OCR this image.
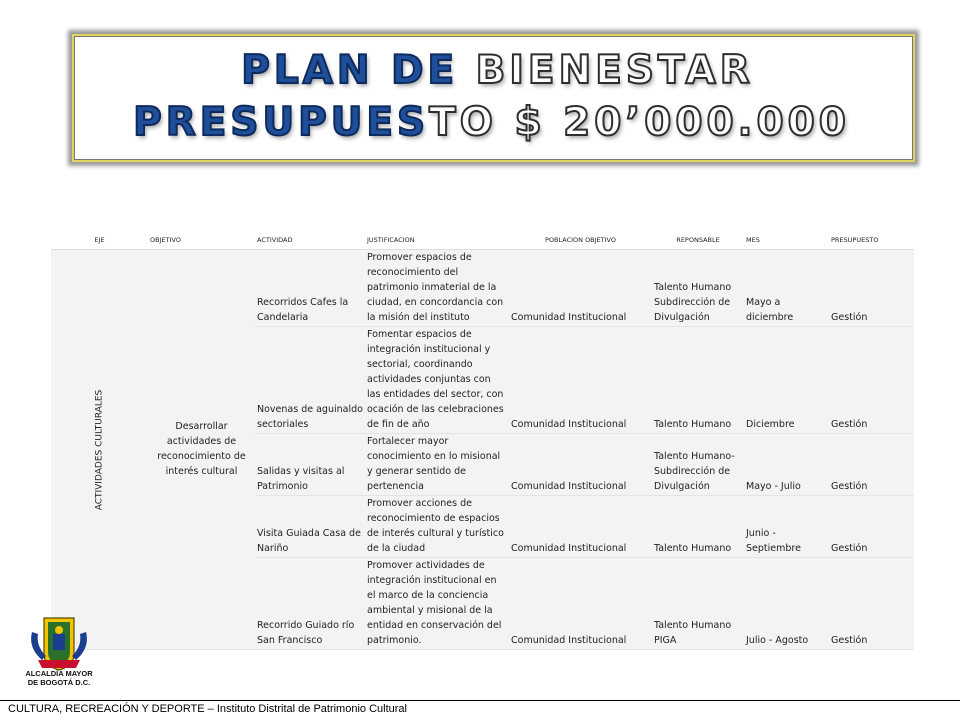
PLAN DE BIENESTAR
PRESUPUESTO $ 20’000.000
EJE	OBJETIVO	ACTIVIDAD	JUSTIFICACION	POBLACION OBJETIVO	REPONSABLE	MES	PRESUPUESTO

ACTIVIDADES CULTURALES	Desarrollar actividades de reconocimiento de interés cultural	Recorridos Cafes la Candelaria	Promover espacios de reconocimiento del patrimonio inmaterial de la ciudad, en concordancia con la misión del instituto	Comunidad Institucional	Talento Humano Subdirección de Divulgación	Mayo a diciembre	Gestión
		Novenas de aguinaldo sectoriales	Fomentar espacios de integración institucional y sectorial, coordinando actividades conjuntas con las entidades del sector, con ocación de las celebraciones de fin de año	Comunidad Institucional	Talento Humano	Diciembre	Gestión
		Salidas y visitas al Patrimonio	Fortalecer mayor conocimiento en lo misional y generar sentido de pertenencia	Comunidad Institucional	Talento Humano- Subdirección de Divulgación	Mayo - Julio	Gestión
		Visita Guiada Casa de Nariño	Promover acciones de reconocimiento de espacios de interés cultural y turístico de la ciudad	Comunidad Institucional	Talento Humano	Junio - Septiembre	Gestión
		Recorrido Guiado río San Francisco	Promover actividades de integración institucional en el marco de la conciencia ambiental y misional de la entidad en conservación del patrimonio.	Comunidad Institucional	Talento Humano PIGA	Julio - Agosto	Gestión
ALCALDÍA MAYOR
DE BOGOTÁ D.C.
CULTURA, RECREACIÓN Y DEPORTE – Instituto Distrital de Patrimonio Cultural
